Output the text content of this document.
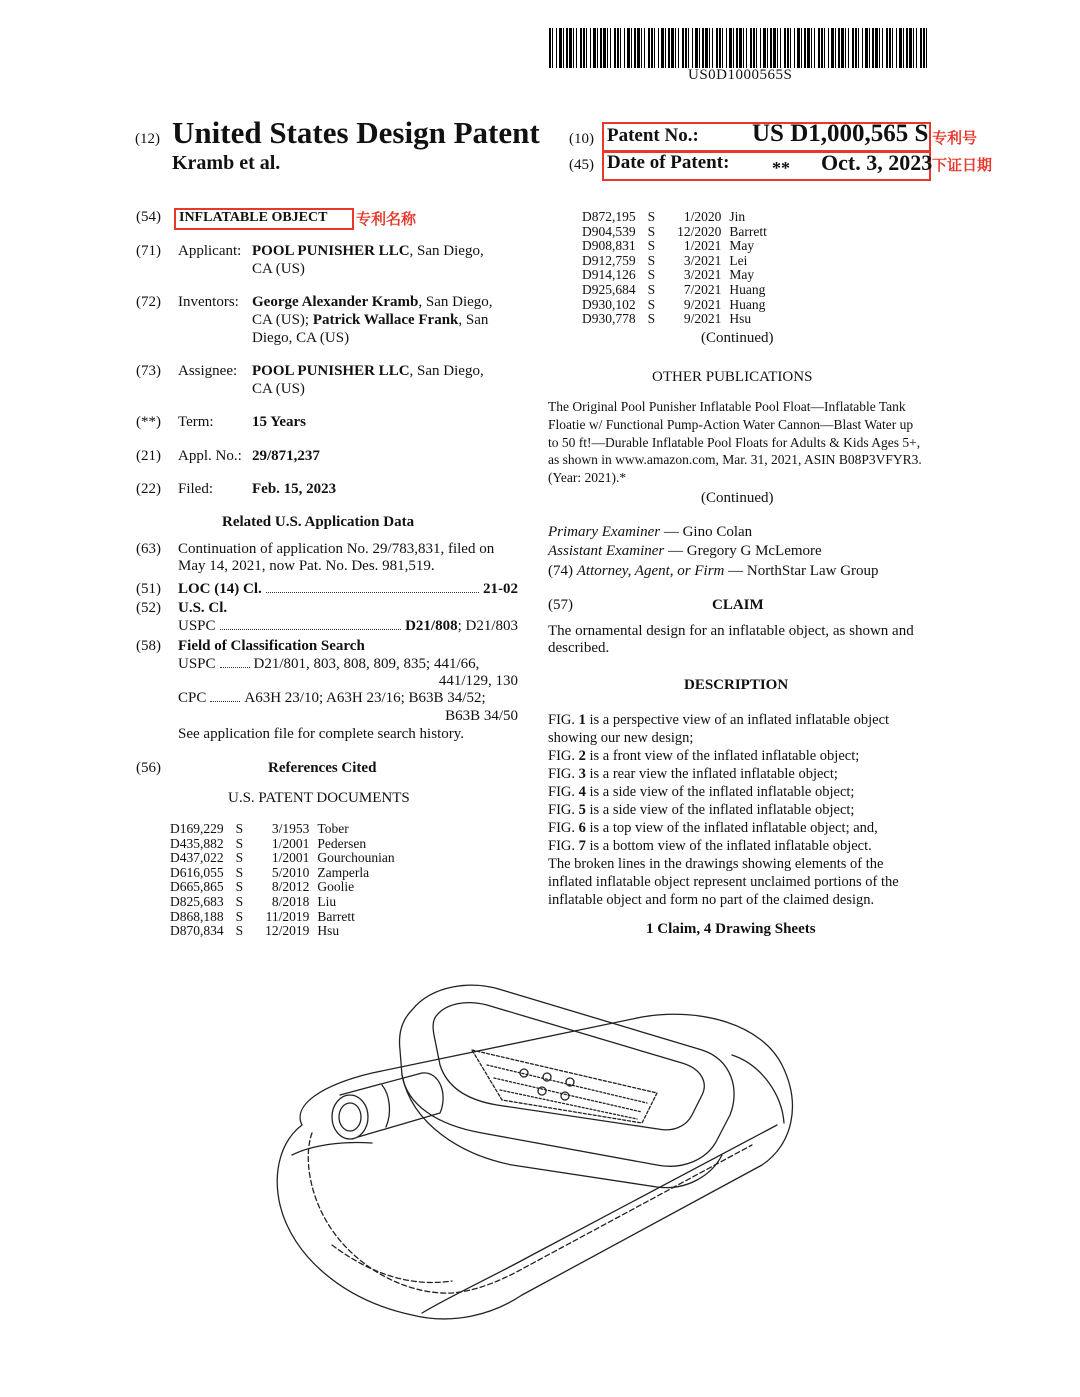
US0D1000565S
(12) United States Design Patent
Kramb et al.
(10) Patent No.: US D1,000,565 S 专利号
(45) Date of Patent: ** Oct. 3, 2023 下证日期
(54) INFLATABLE OBJECT 专利名称
(71) Applicant: POOL PUNISHER LLC, San Diego,
CA (US)
(72) Inventors: George Alexander Kramb, San Diego,
CA (US); Patrick Wallace Frank, San
Diego, CA (US)
(73) Assignee: POOL PUNISHER LLC, San Diego,
CA (US)
(**) Term:	15 Years
(21) Appl. No.: 29/871,237
(22) Filed:	Feb. 15, 2023
Related U.S. Application Data
(63) Continuation of application No. 29/783,831, filed on
May 14, 2021, now Pat. No. Des. 981,519.
(51) LOC (14) Cl.	21-02
(52) U.S. Cl.
USPC	D21/808 ; D21/803
(58) Field of Classification Search
USPC	D21/801, 803, 808, 809, 835; 441/66,
441/129, 130
CPC	A63H 23/10; A63H 23/16; B63B 34/52;
B63B 34/50
See application file for complete search history.
(56)	References Cited
U.S. PATENT DOCUMENTS
D169,229	S	3/1953	Tober
D435,882	S	1/2001	Pedersen
D437,022	S	1/2001	Gourchounian
D616,055	S	5/2010	Zamperla
D665,865	S	8/2012	Goolie
D825,683	S	8/2018	Liu
D868,188	S	11/2019	Barrett
D870,834	S	12/2019	Hsu
D872,195	S	1/2020	Jin
D904,539	S	12/2020	Barrett
D908,831	S	1/2021	May
D912,759	S	3/2021	Lei
D914,126	S	3/2021	May
D925,684	S	7/2021	Huang
D930,102	S	9/2021	Huang
D930,778	S	9/2021	Hsu
(Continued)
OTHER PUBLICATIONS
The Original Pool Punisher Inflatable Pool Float—Inflatable Tank
Floatie w/ Functional Pump-Action Water Cannon—Blast Water up
to 50 ft!—Durable Inflatable Pool Floats for Adults & Kids Ages 5+,
as shown in www.amazon.com, Mar. 31, 2021, ASIN B08P3VFYR3.
(Year: 2021).*
(Continued)
Primary Examiner — Gino Colan
Assistant Examiner — Gregory G McLemore
(74) Attorney, Agent, or Firm — NorthStar Law Group
(57)	CLAIM
The ornamental design for an inflatable object, as shown and
described.
DESCRIPTION
FIG. 1 is a perspective view of an inflated inflatable object
showing our new design;
FIG. 2 is a front view of the inflated inflatable object;
FIG. 3 is a rear view the inflated inflatable object;
FIG. 4 is a side view of the inflated inflatable object;
FIG. 5 is a side view of the inflated inflatable object;
FIG. 6 is a top view of the inflated inflatable object; and,
FIG. 7 is a bottom view of the inflated inflatable object.
The broken lines in the drawings showing elements of the
inflated inflatable object represent unclaimed portions of the
inflatable object and form no part of the claimed design.
1 Claim, 4 Drawing Sheets
